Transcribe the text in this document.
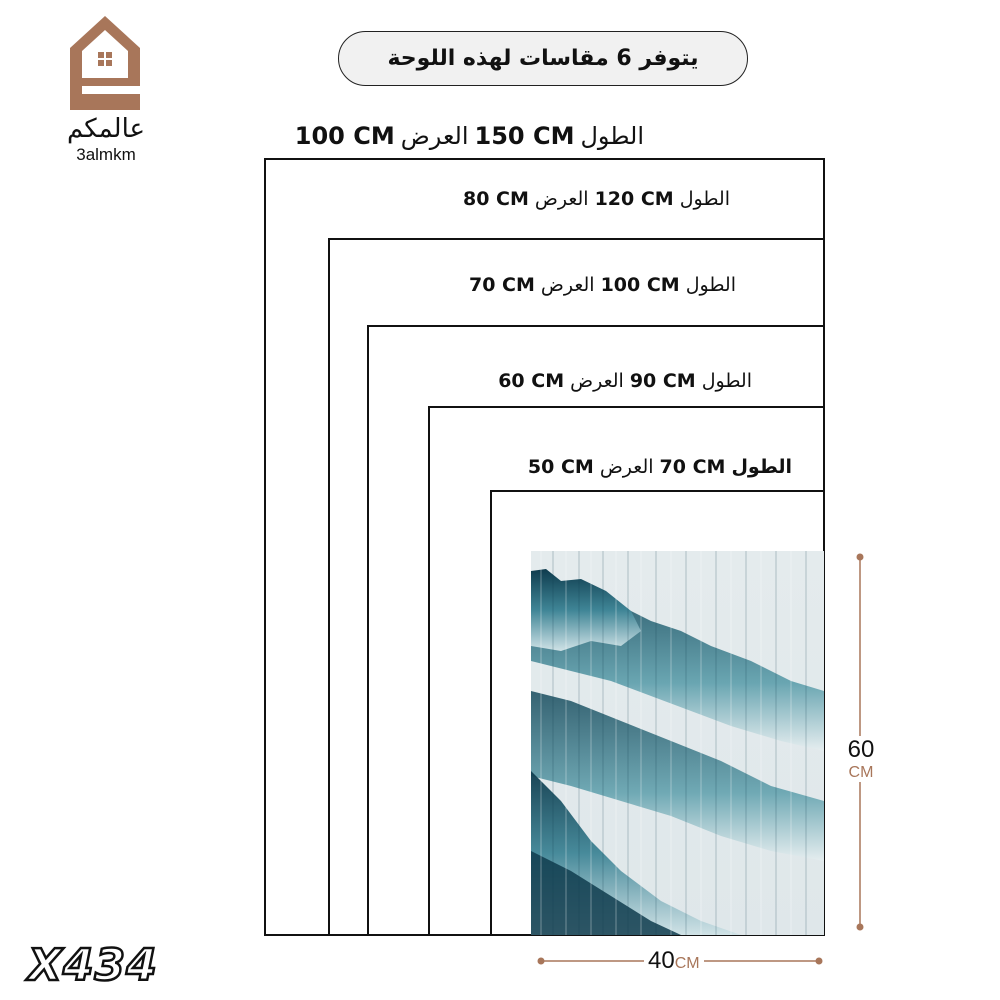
عالمكم
3almkm
يتوفر 6 مقاسات لهذه اللوحة
الطول
150 CM
العرض
100 CM
الطول
120 CM
العرض
80 CM
الطول
100 CM
العرض
70 CM
الطول
90 CM
العرض
60 CM
الطول
70 CM
العرض
50 CM
60
CM
40CM
X434
